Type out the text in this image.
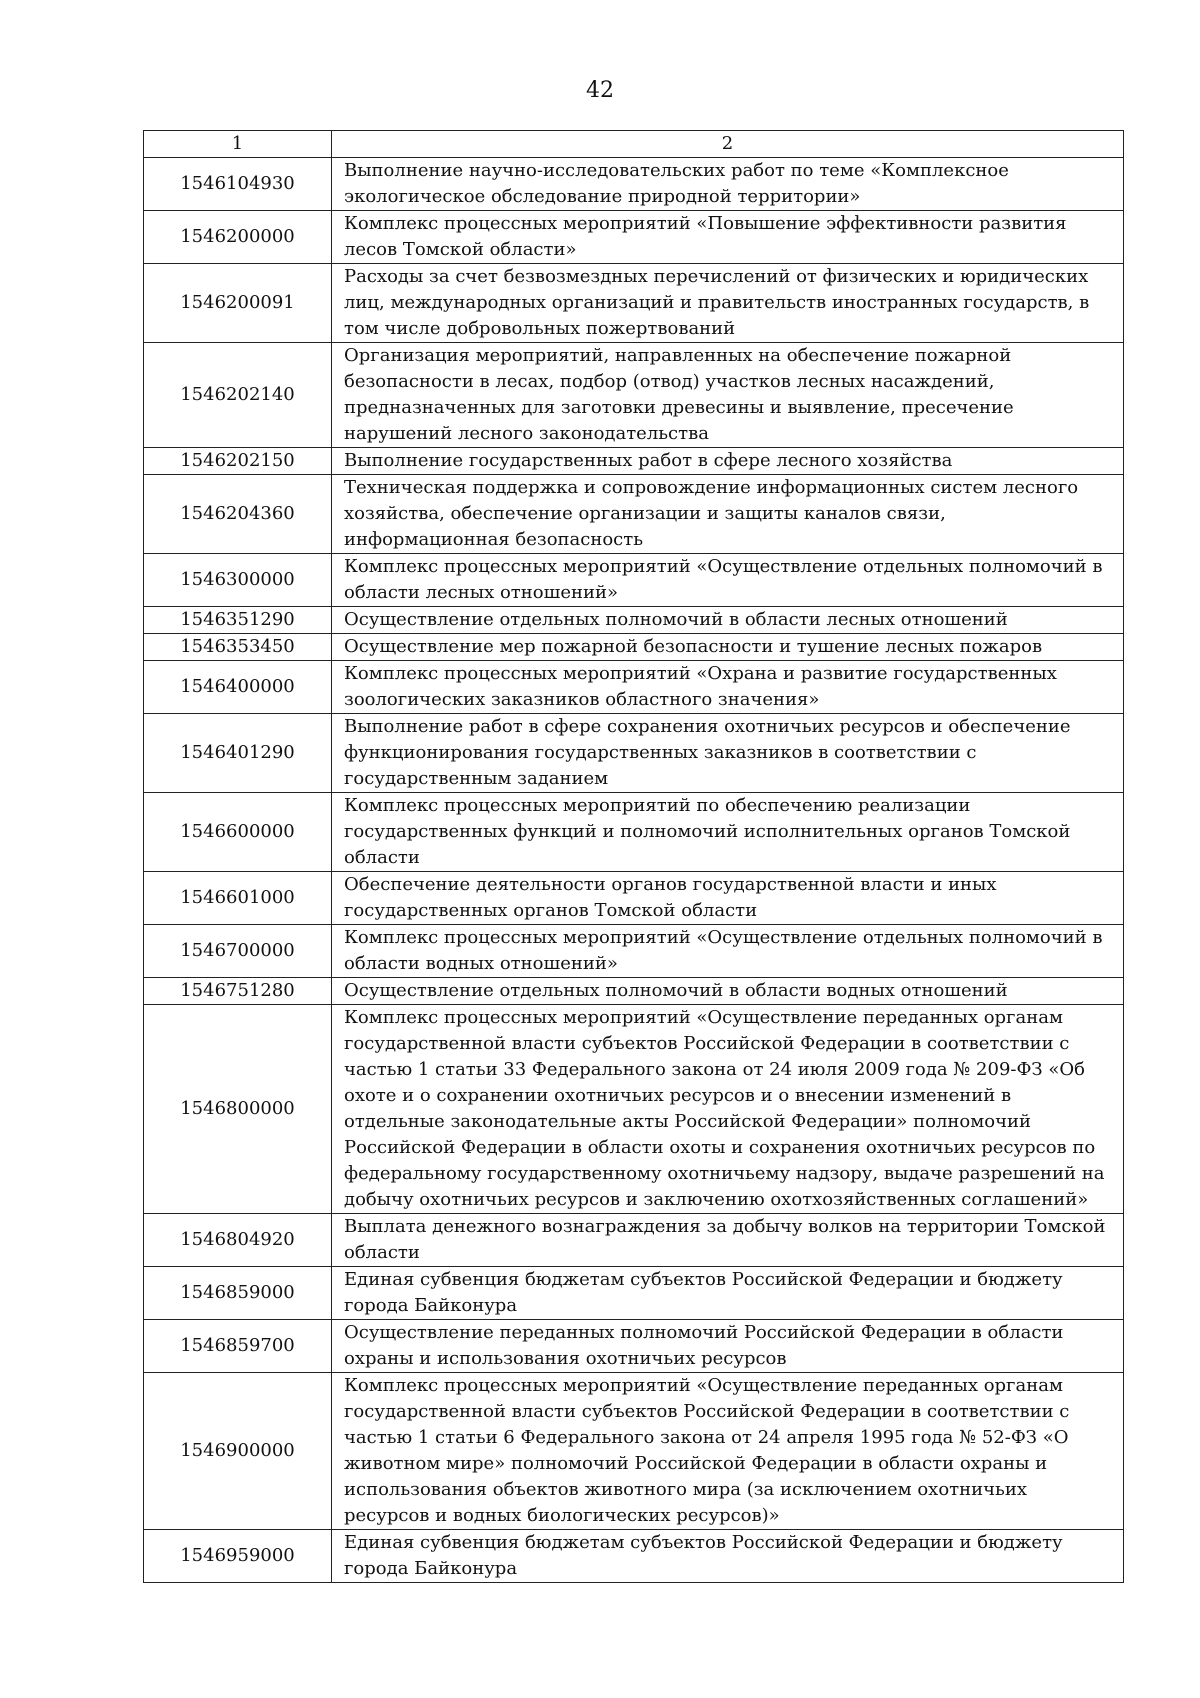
42
1	2
1546104930	Выполнение научно-исследовательских работ по теме «Комплексное экологическое обследование природной территории»
1546200000	Комплекс процессных мероприятий «Повышение эффективности развития лесов Томской области»
1546200091	Расходы за счет безвозмездных перечислений от физических и юридических лиц, международных организаций и правительств иностранных государств, в том числе добровольных пожертвований
1546202140	Организация мероприятий, направленных на обеспечение пожарной безопасности в лесах, подбор (отвод) участков лесных насаждений, предназначенных для заготовки древесины и выявление, пресечение нарушений лесного законодательства
1546202150	Выполнение государственных работ в сфере лесного хозяйства
1546204360	Техническая поддержка и сопровождение информационных систем лесного хозяйства, обеспечение организации и защиты каналов связи, информационная безопасность
1546300000	Комплекс процессных мероприятий «Осуществление отдельных полномочий в области лесных отношений»
1546351290	Осуществление отдельных полномочий в области лесных отношений
1546353450	Осуществление мер пожарной безопасности и тушение лесных пожаров
1546400000	Комплекс процессных мероприятий «Охрана и развитие государственных зоологических заказников областного значения»
1546401290	Выполнение работ в сфере сохранения охотничьих ресурсов и обеспечение функционирования государственных заказников в соответствии с государственным заданием
1546600000	Комплекс процессных мероприятий по обеспечению реализации государственных функций и полномочий исполнительных органов Томской области
1546601000	Обеспечение деятельности органов государственной власти и иных государственных органов Томской области
1546700000	Комплекс процессных мероприятий «Осуществление отдельных полномочий в области водных отношений»
1546751280	Осуществление отдельных полномочий в области водных отношений
1546800000	Комплекс процессных мероприятий «Осуществление переданных органам государственной власти субъектов Российской Федерации в соответствии с частью 1 статьи 33 Федерального закона от 24 июля 2009 года № 209-ФЗ «Об охоте и о сохранении охотничьих ресурсов и о внесении изменений в отдельные законодательные акты Российской Федерации» полномочий Российской Федерации в области охоты и сохранения охотничьих ресурсов по федеральному государственному охотничьему надзору, выдаче разрешений на добычу охотничьих ресурсов и заключению охотхозяйственных соглашений»
1546804920	Выплата денежного вознаграждения за добычу волков на территории Томской области
1546859000	Единая субвенция бюджетам субъектов Российской Федерации и бюджету города Байконура
1546859700	Осуществление переданных полномочий Российской Федерации в области охраны и использования охотничьих ресурсов
1546900000	Комплекс процессных мероприятий «Осуществление переданных органам государственной власти субъектов Российской Федерации в соответствии с частью 1 статьи 6 Федерального закона от 24 апреля 1995 года № 52-ФЗ «О животном мире» полномочий Российской Федерации в области охраны и использования объектов животного мира (за исключением охотничьих ресурсов и водных биологических ресурсов)»
1546959000	Единая субвенция бюджетам субъектов Российской Федерации и бюджету города Байконура
